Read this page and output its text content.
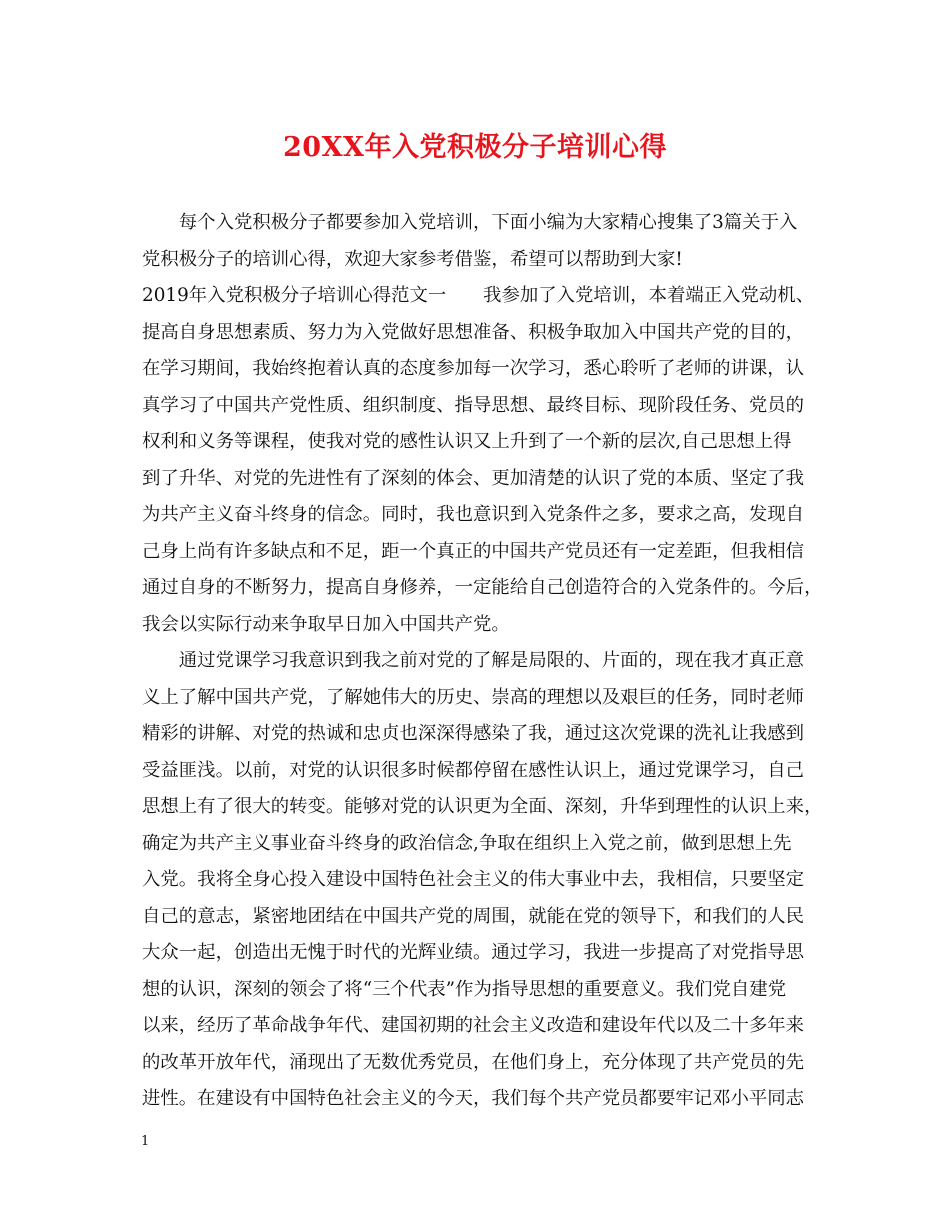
20XX年入党积极分子培训心得
　　每个入党积极分子都要参加入党培训，下面小编为大家精心搜集了3篇关于入
党积极分子的培训心得，欢迎大家参考借鉴，希望可以帮助到大家!
2019年入党积极分子培训心得范文一　　我参加了入党培训，本着端正入党动机、
提高自身思想素质、努力为入党做好思想准备、积极争取加入中国共产党的目的，
在学习期间，我始终抱着认真的态度参加每一次学习，悉心聆听了老师的讲课，认
真学习了中国共产党性质、组织制度、指导思想、最终目标、现阶段任务、党员的
权利和义务等课程，使我对党的感性认识又上升到了一个新的层次,自己思想上得
到了升华、对党的先进性有了深刻的体会、更加清楚的认识了党的本质、坚定了我
为共产主义奋斗终身的信念。同时，我也意识到入党条件之多，要求之高，发现自
己身上尚有许多缺点和不足，距一个真正的中国共产党员还有一定差距，但我相信
通过自身的不断努力，提高自身修养，一定能给自己创造符合的入党条件的。今后，
我会以实际行动来争取早日加入中国共产党。
　　通过党课学习我意识到我之前对党的了解是局限的、片面的，现在我才真正意
义上了解中国共产党，了解她伟大的历史、崇高的理想以及艰巨的任务，同时老师
精彩的讲解、对党的热诚和忠贞也深深得感染了我，通过这次党课的洗礼让我感到
受益匪浅。以前，对党的认识很多时候都停留在感性认识上，通过党课学习，自己
思想上有了很大的转变。能够对党的认识更为全面、深刻，升华到理性的认识上来，
确定为共产主义事业奋斗终身的政治信念,争取在组织上入党之前，做到思想上先
入党。我将全身心投入建设中国特色社会主义的伟大事业中去，我相信，只要坚定
自己的意志，紧密地团结在中国共产党的周围，就能在党的领导下，和我们的人民
大众一起，创造出无愧于时代的光辉业绩。通过学习，我进一步提高了对党指导思
想的认识，深刻的领会了将“三个代表”作为指导思想的重要意义。我们党自建党
以来，经历了革命战争年代、建国初期的社会主义改造和建设年代以及二十多年来
的改革开放年代，涌现出了无数优秀党员，在他们身上，充分体现了共产党员的先
进性。在建设有中国特色社会主义的今天，我们每个共产党员都要牢记邓小平同志
1
